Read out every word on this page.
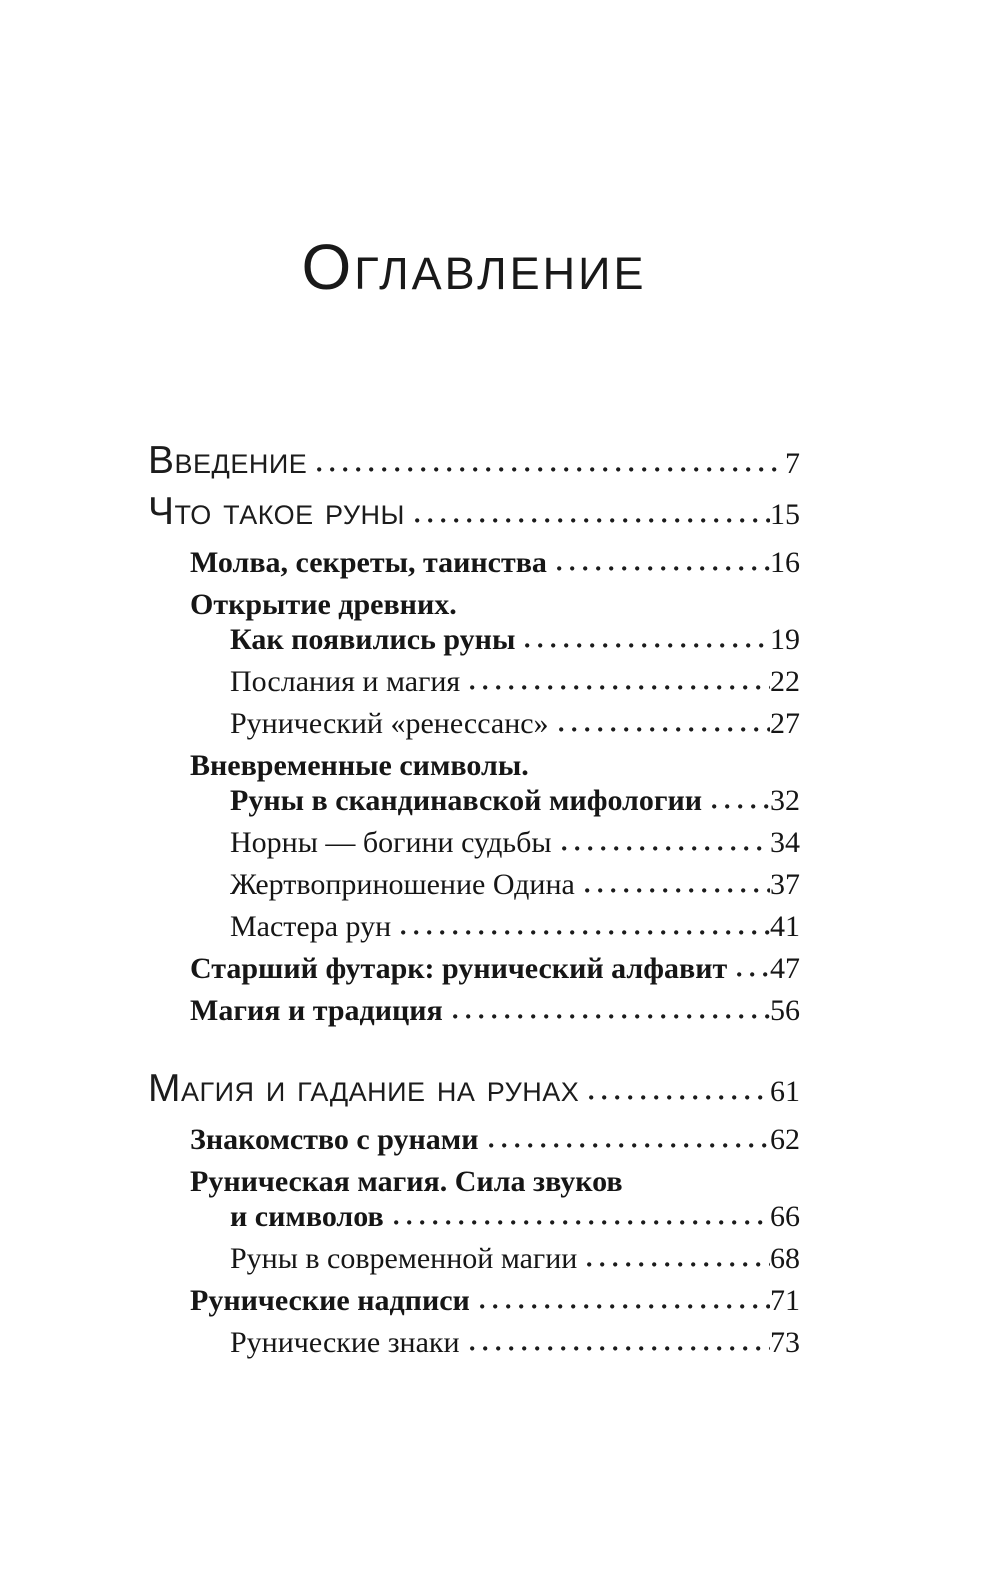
Оглавление
Введение	7
Что такое руны	15
Молва, секреты, таинства	16
Открытие древних.
Как появились руны	19
Послания и магия	22
Рунический «ренессанс»	27
Вневременные символы.
Руны в скандинавской мифологии 32
Норны — богини судьбы	34
Жертвоприношение Одина	37
Мастера рун	41
Старший футарк: рунический алфавит 47
Магия и традиция	56
Магия и гадание на рунах	61
Знакомство с рунами	62
Руническая магия. Сила звуков
и символов	66
Руны в современной магии	68
Рунические надписи	71
Рунические знаки	73
